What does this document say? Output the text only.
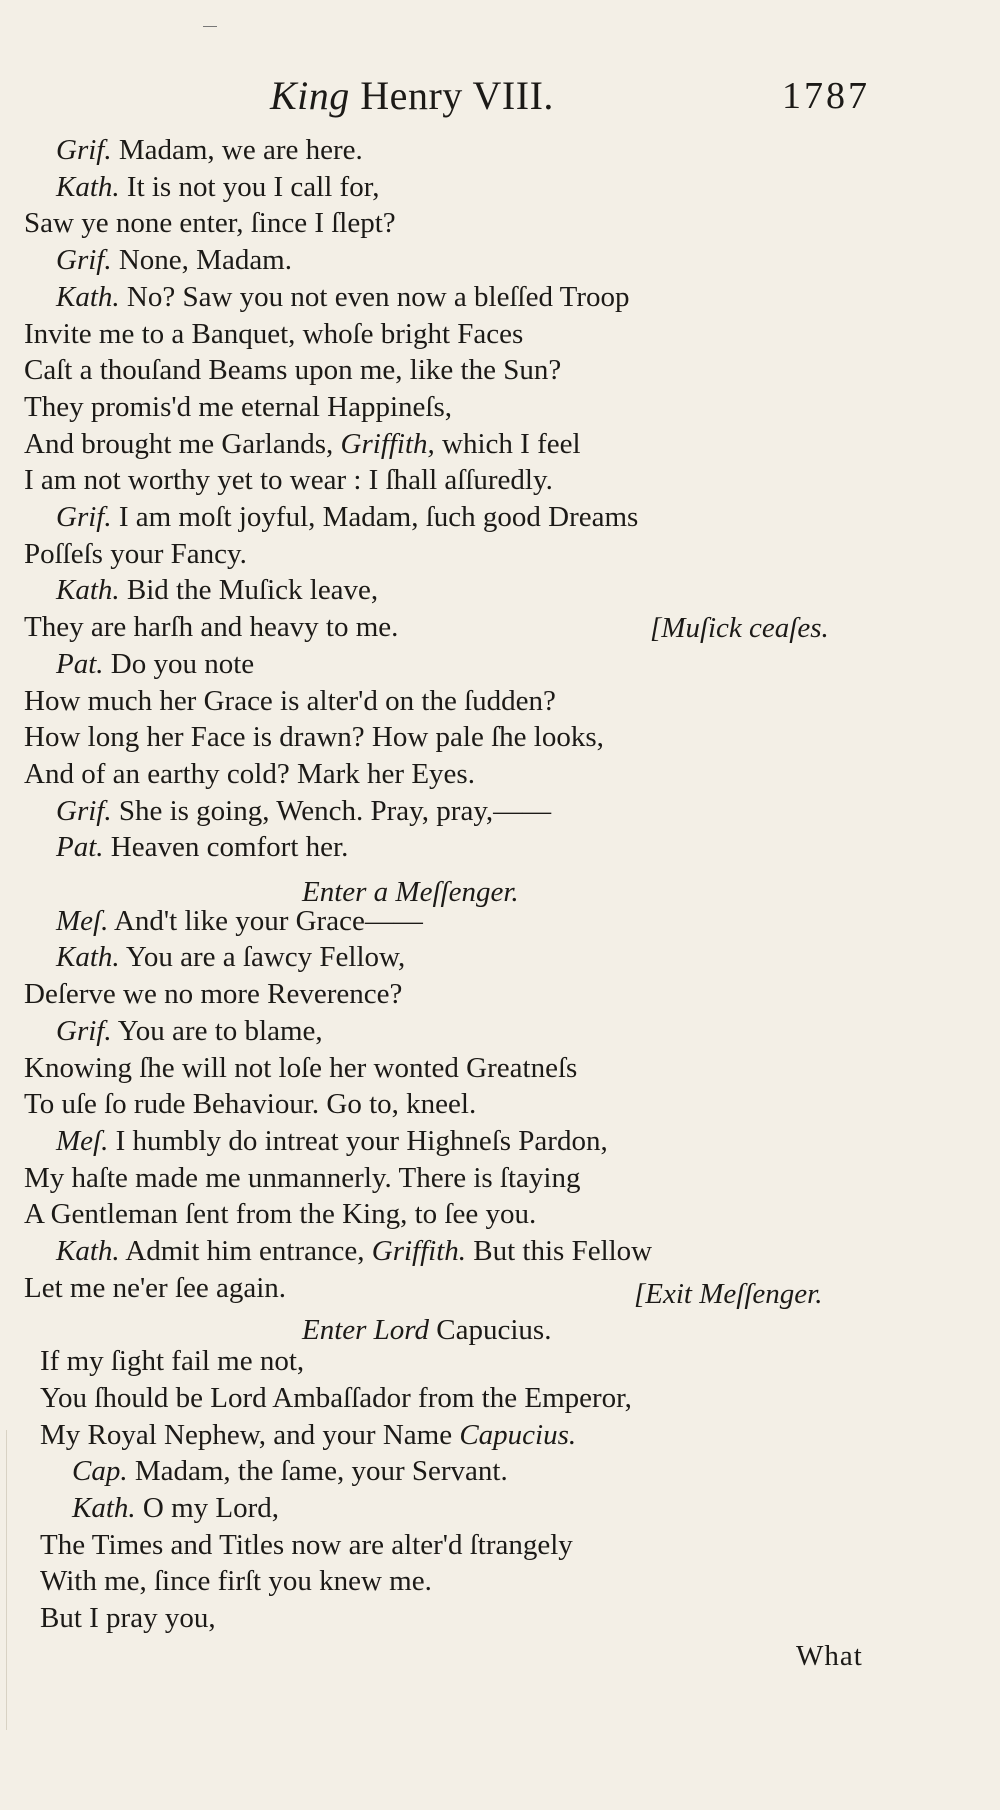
King Henry VIII.	1787
Grif. Madam, we are here.
Kath. It is not you I call for,
Saw ye none enter, ſince I ſlept?
Grif. None, Madam.
Kath. No? Saw you not even now a bleſſed Troop
Invite me to a Banquet, whoſe bright Faces
Caſt a thouſand Beams upon me, like the Sun?
They promis'd me eternal Happineſs,
And brought me Garlands, Griffith, which I feel
I am not worthy yet to wear : I ſhall aſſuredly.
Grif. I am moſt joyful, Madam, ſuch good Dreams
Poſſeſs your Fancy.
Kath. Bid the Muſick leave,
They are harſh and heavy to me.
Pat. Do you note
How much her Grace is alter'd on the ſudden?
How long her Face is drawn? How pale ſhe looks,
And of an earthy cold? Mark her Eyes.
Grif. She is going, Wench. Pray, pray,——
Pat. Heaven comfort her.
Meſ. And't like your Grace——
Kath. You are a ſawcy Fellow,
Deſerve we no more Reverence?
Grif. You are to blame,
Knowing ſhe will not loſe her wonted Greatneſs
To uſe ſo rude Behaviour. Go to, kneel.
Meſ. I humbly do intreat your Highneſs Pardon,
My haſte made me unmannerly. There is ſtaying
A Gentleman ſent from the King, to ſee you.
Kath. Admit him entrance, Griffith. But this Fellow
Let me ne'er ſee again.
If my ſight fail me not,
You ſhould be Lord Ambaſſador from the Emperor,
My Royal Nephew, and your Name Capucius.
Cap. Madam, the ſame, your Servant.
Kath. O my Lord,
The Times and Titles now are alter'd ſtrangely
With me, ſince firſt you knew me.
But I pray you,
[Muſick ceaſes.
Enter a Meſſenger.
[Exit Meſſenger.
Enter Lord Capucius.
What
